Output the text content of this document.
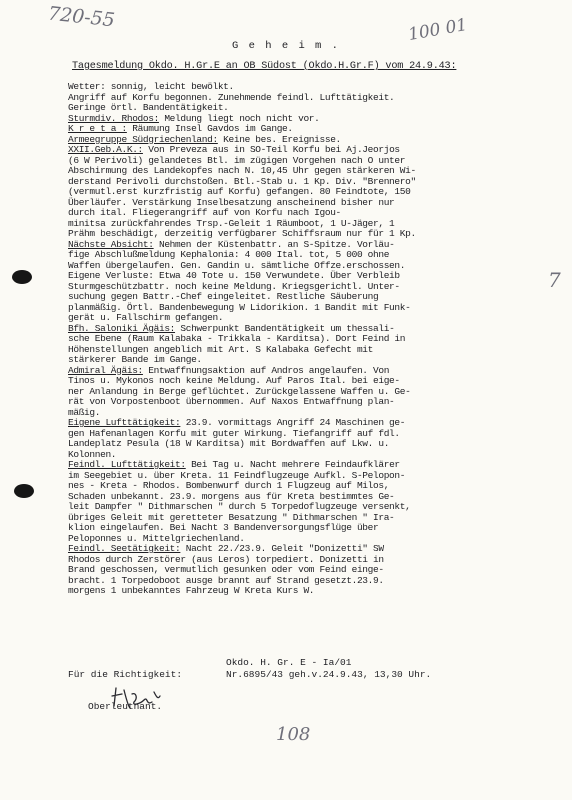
720-55	100 01
7
G e h e i m .
Tagesmeldung Okdo. H.Gr.E an OB Südost (Okdo.H.Gr.F) vom 24.9.43:
Wetter: sonnig, leicht bewölkt.
Angriff auf Korfu begonnen. Zunehmende feindl. Lufttätigkeit.
Geringe örtl. Bandentätigkeit.
Sturmdiv. Rhodos: Meldung liegt noch nicht vor.
K r e t a : Räumung Insel Gavdos im Gange.
Armeegruppe Südgriechenland: Keine bes. Ereignisse.
XXII.Geb.A.K.: Von Preveza aus in SO-Teil Korfu bei Aj.Jeorjos
(6 W Perivoli) gelandetes Btl. im zügigen Vorgehen nach O unter
Abschirmung des Landekopfes nach N. 10,45 Uhr gegen stärkeren Wi-
derstand Perivoli durchstoßen. Btl.-Stab u. 1 Kp. Div. "Brennero"
(vermutl.erst kurzfristig auf Korfu) gefangen. 80 Feindtote, 150
Überläufer. Verstärkung Inselbesatzung anscheinend bisher nur
durch ital. Fliegerangriff auf von Korfu nach Igou-
minitsa zurückfahrendes Trsp.-Geleit 1 Räumboot, 1 U-Jäger, 1
Prähm beschädigt, derzeitig verfügbarer Schiffsraum nur für 1 Kp.
Nächste Absicht: Nehmen der Küstenbattr. an S-Spitze. Vorläu-
fige Abschlußmeldung Kephalonia: 4 000 Ital. tot, 5 000 ohne
Waffen übergelaufen. Gen. Gandin u. sämtliche Offze.erschossen.
Eigene Verluste: Etwa 40 Tote u. 150 Verwundete. Über Verbleib
Sturmgeschützbattr. noch keine Meldung. Kriegsgerichtl. Unter-
suchung gegen Battr.-Chef eingeleitet. Restliche Säuberung
planmäßig. Örtl. Bandenbewegung W Lidorikion. 1 Bandit mit Funk-
gerät u. Fallschirm gefangen.
Bfh. Saloniki Ägäis: Schwerpunkt Bandentätigkeit um thessali-
sche Ebene (Raum Kalabaka - Trikkala - Karditsa). Dort Feind in
Höhenstellungen angeblich mit Art. S Kalabaka Gefecht mit
stärkerer Bande im Gange.
Admiral Ägäis: Entwaffnungsaktion auf Andros angelaufen. Von
Tinos u. Mykonos noch keine Meldung. Auf Paros Ital. bei eige-
ner Anlandung in Berge geflüchtet. Zurückgelassene Waffen u. Ge-
rät von Vorpostenboot übernommen. Auf Naxos Entwaffnung plan-
mäßig.
Eigene Lufttätigkeit: 23.9. vormittags Angriff 24 Maschinen ge-
gen Hafenanlagen Korfu mit guter Wirkung. Tiefangriff auf fdl.
Landeplatz Pesula (18 W Karditsa) mit Bordwaffen auf Lkw. u.
Kolonnen.
Feindl. Lufttätigkeit: Bei Tag u. Nacht mehrere Feindaufklärer
im Seegebiet u. über Kreta. 11 Feindflugzeuge Aufkl. S-Pelopon-
nes - Kreta - Rhodos. Bombenwurf durch 1 Flugzeug auf Milos,
Schaden unbekannt. 23.9. morgens aus für Kreta bestimmtes Ge-
leit Dampfer " Dithmarschen " durch 5 Torpedoflugzeuge versenkt,
übriges Geleit mit geretteter Besatzung " Dithmarschen " Ira-
klion eingelaufen. Bei Nacht 3 Bandenversorgungsflüge über
Peloponnes u. Mittelgriechenland.
Feindl. Seetätigkeit: Nacht 22./23.9. Geleit "Donizetti" SW
Rhodos durch Zerstörer (aus Leros) torpediert. Donizetti in
Brand geschossen, vermutlich gesunken oder vom Feind einge-
bracht. 1 Torpedoboot ausge brannt auf Strand gesetzt.23.9.
morgens 1 unbekanntes Fahrzeug W Kreta Kurs W.
Für die Richtigkeit:
Okdo. H. Gr. E - Ia/01
Nr.6895/43 geh.v.24.9.43, 13,30 Uhr.
Oberleutnant.
108
